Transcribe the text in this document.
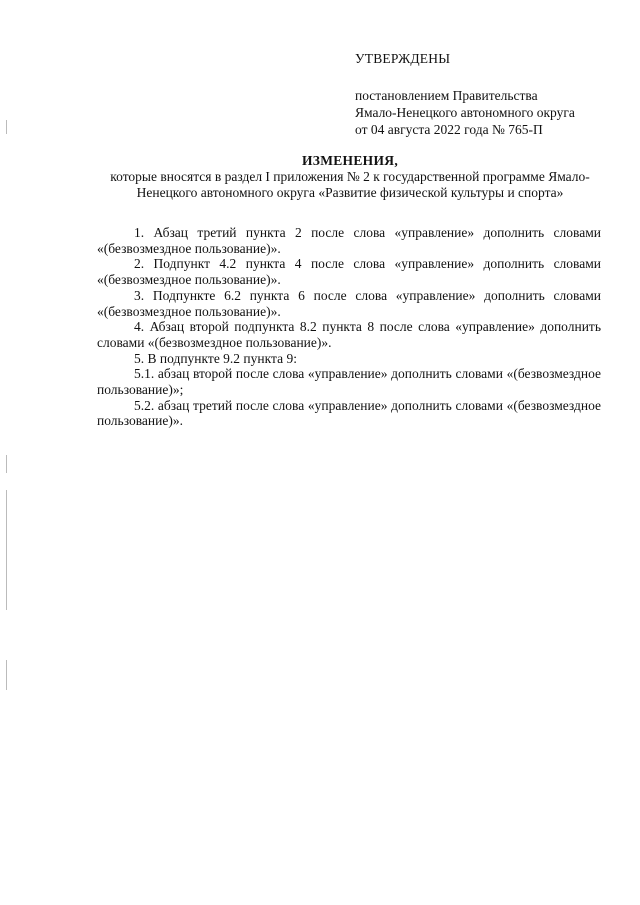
УТВЕРЖДЕНЫ
постановлением Правительства
Ямало-Ненецкого автономного округа
от 04 августа 2022 года № 765-П
ИЗМЕНЕНИЯ,
которые вносятся в раздел I приложения № 2 к государственной программе Ямало-Ненецкого автономного округа «Развитие физической культуры и спорта»

1. Абзац третий пункта 2 после слова «управление» дополнить словами «(безвозмездное пользование)».

2. Подпункт 4.2 пункта 4 после слова «управление» дополнить словами «(безвозмездное пользование)».

3. Подпункте 6.2 пункта 6 после слова «управление» дополнить словами «(безвозмездное пользование)».

4. Абзац второй подпункта 8.2 пункта 8 после слова «управление» дополнить словами «(безвозмездное пользование)».

5. В подпункте 9.2 пункта 9:

5.1. абзац второй после слова «управление» дополнить словами «(безвозмездное пользование)»;

5.2. абзац третий после слова «управление» дополнить словами «(безвозмездное пользование)».
